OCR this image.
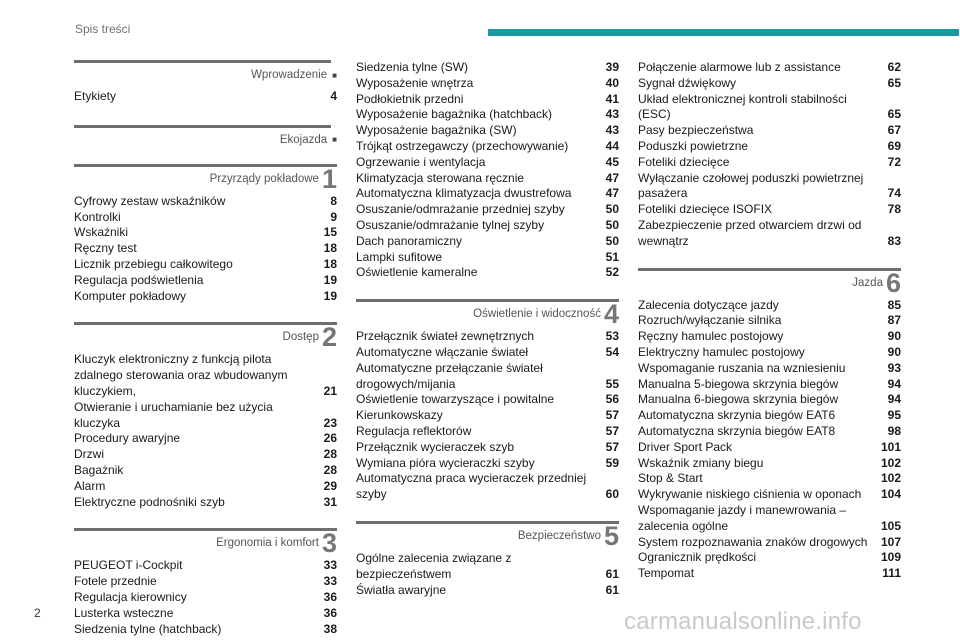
Spis treści
Wprowadzenie ■
Etykiety	4
Ekojazda ■
Przyrządy pokładowe 1
Cyfrowy zestaw wskaźników	8
Kontrolki	9
Wskaźniki	15
Ręczny test	18
Licznik przebiegu całkowitego	18
Regulacja podświetlenia	19
Komputer pokładowy	19
Dostęp 2
Kluczyk elektroniczny z funkcją pilota zdalnego sterowania oraz wbudowanym kluczykiem,	21
Otwieranie i uruchamianie bez użycia kluczyka	23
Procedury awaryjne	26
Drzwi	28
Bagażnik	28
Alarm	29
Elektryczne podnośniki szyb	31
Ergonomia i komfort 3
PEUGEOT i-Cockpit	33
Fotele przednie	33
Regulacja kierownicy	36
Lusterka wsteczne	36
Siedzenia tylne (hatchback)	38
Siedzenia tylne (SW)	39
Wyposażenie wnętrza	40
Podłokietnik przedni	41
Wyposażenie bagażnika (hatchback)	43
Wyposażenie bagażnika (SW)	43
Trójkąt ostrzegawczy (przechowywanie)	44
Ogrzewanie i wentylacja	45
Klimatyzacja sterowana ręcznie	47
Automatyczna klimatyzacja dwustrefowa	47
Osuszanie/odmrażanie przedniej szyby	50
Osuszanie/odmrażanie tylnej szyby	50
Dach panoramiczny	50
Lampki sufitowe	51
Oświetlenie kameralne	52
Oświetlenie i widoczność 4
Przełącznik świateł zewnętrznych	53
Automatyczne włączanie świateł	54
Automatyczne przełączanie świateł drogowych/mijania	55
Oświetlenie towarzyszące i powitalne	56
Kierunkowskazy	57
Regulacja reflektorów	57
Przełącznik wycieraczek szyb	57
Wymiana pióra wycieraczki szyby	59
Automatyczna praca wycieraczek przedniej szyby	60
Bezpieczeństwo 5
Ogólne zalecenia związane z bezpieczeństwem	61
Światła awaryjne	61
Połączenie alarmowe lub z assistance	62
Sygnał dźwiękowy	65
Układ elektronicznej kontroli stabilności (ESC)	65
Pasy bezpieczeństwa	67
Poduszki powietrzne	69
Foteliki dziecięce	72
Wyłączanie czołowej poduszki powietrznej pasażera	74
Foteliki dziecięce ISOFIX	78
Zabezpieczenie przed otwarciem drzwi od wewnątrz	83
Jazda 6
Zalecenia dotyczące jazdy	85
Rozruch/wyłączanie silnika	87
Ręczny hamulec postojowy	90
Elektryczny hamulec postojowy	90
Wspomaganie ruszania na wzniesieniu	93
Manualna 5-biegowa skrzynia biegów	94
Manualna 6-biegowa skrzynia biegów	94
Automatyczna skrzynia biegów EAT6	95
Automatyczna skrzynia biegów EAT8	98
Driver Sport Pack	101
Wskaźnik zmiany biegu	102
Stop & Start	102
Wykrywanie niskiego ciśnienia w oponach	104
Wspomaganie jazdy i manewrowania – zalecenia ogólne	105
System rozpoznawania znaków drogowych	107
Ogranicznik prędkości	109
Tempomat	111
2	carmanualsonline.info
